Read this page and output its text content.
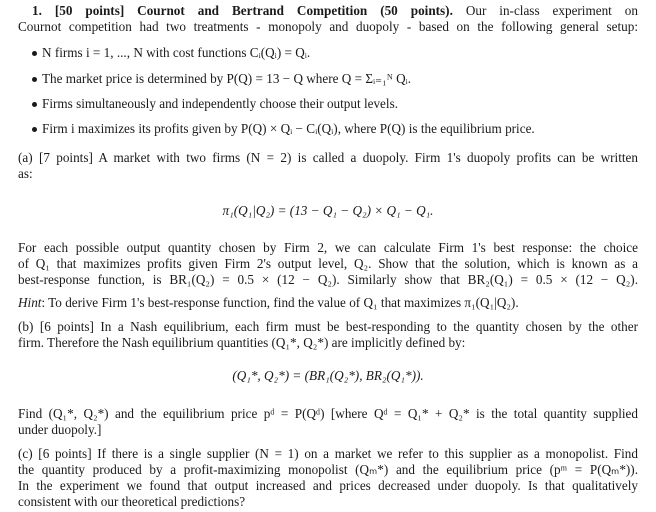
1. [50 points] Cournot and Bertrand Competition (50 points). Our in-class experiment on
Cournot competition had two treatments - monopoly and duopoly - based on the following general setup:
N firms i = 1, ..., N with cost functions Cᵢ(Qᵢ) = Qᵢ.
The market price is determined by P(Q) = 13 − Q where Q = Σᵢ₌₁ᴺ Qᵢ.
Firms simultaneously and independently choose their output levels.
Firm i maximizes its profits given by P(Q) × Qᵢ − Cᵢ(Qᵢ), where P(Q) is the equilibrium price.
(a) [7 points] A market with two firms (N = 2) is called a duopoly. Firm 1's duopoly profits can be written
as:
π₁(Q₁|Q₂) = (13 − Q₁ − Q₂) × Q₁ − Q₁.
For each possible output quantity chosen by Firm 2, we can calculate Firm 1's best response: the choice
of Q₁ that maximizes profits given Firm 2's output level, Q₂. Show that the solution, which is known as a
best-response function, is BR₁(Q₂) = 0.5 × (12 − Q₂). Similarly show that BR₂(Q₁) = 0.5 × (12 − Q₂).
Hint: To derive Firm 1's best-response function, find the value of Q₁ that maximizes π₁(Q₁|Q₂).
(b) [6 points] In a Nash equilibrium, each firm must be best-responding to the quantity chosen by the other
firm. Therefore the Nash equilibrium quantities (Q₁*, Q₂*) are implicitly defined by:
(Q₁*, Q₂*) = (BR₁(Q₂*), BR₂(Q₁*)).
Find (Q₁*, Q₂*) and the equilibrium price pᵈ = P(Qᵈ) [where Qᵈ = Q₁* + Q₂* is the total quantity supplied
under duopoly.]
(c) [6 points] If there is a single supplier (N = 1) on a market we refer to this supplier as a monopolist. Find
the quantity produced by a profit-maximizing monopolist (Qₘ*) and the equilibrium price (pᵐ = P(Qₘ*)).
In the experiment we found that output increased and prices decreased under duopoly. Is that qualitatively
consistent with our theoretical predictions?
